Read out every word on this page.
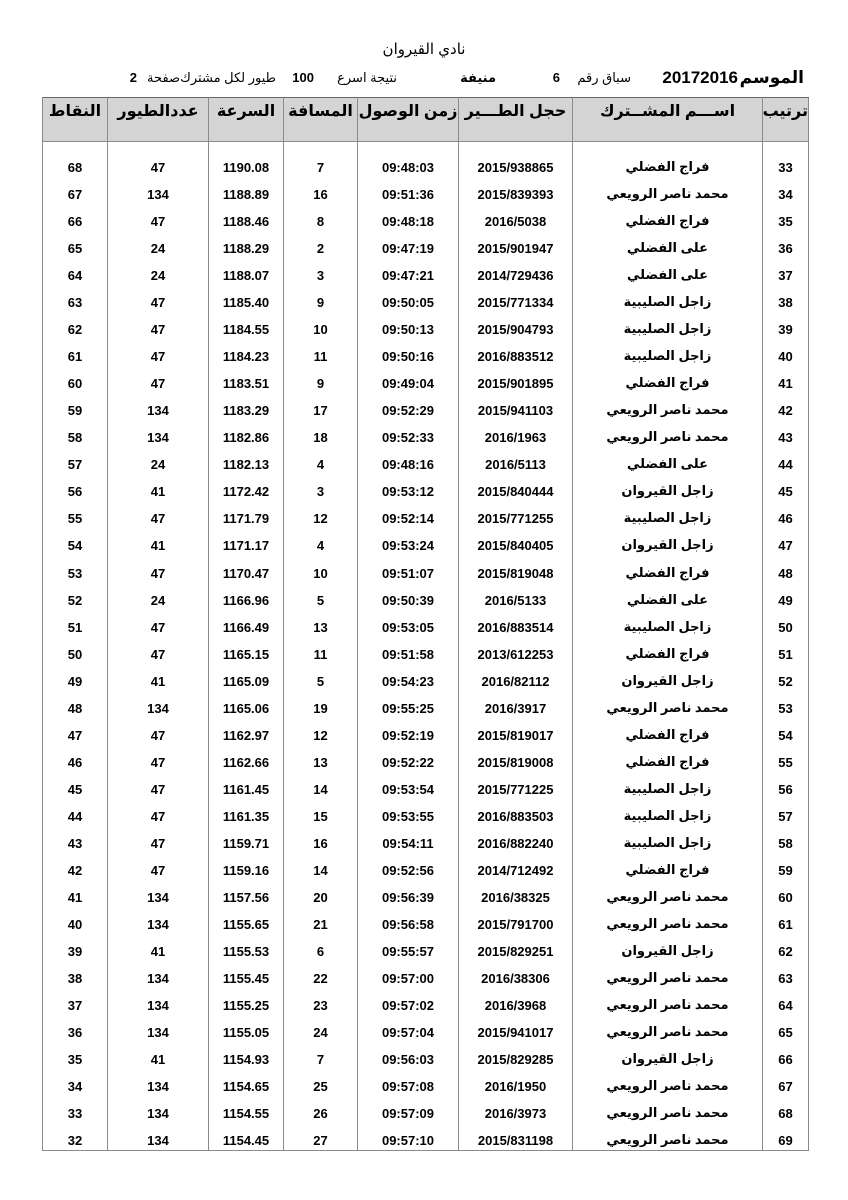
نادي القيروان
الموسم
20172016
سباق رقم
6
منيفة
نتيجة اسرع
100
طيور لكل مشترك
صفحة
2
ترتيب	اســـم المشــترك	حجل الطـــير	زمن الوصول	المسافة	السرعة	عددالطيور	النقاط

33	فراج الفضلي	2015/938865	09:48:03	7	1190.08	47	68
34	محمد ناصر الرويعي	2015/839393	09:51:36	16	1188.89	134	67
35	فراج الفضلي	2016/5038	09:48:18	8	1188.46	47	66
36	على الفضلي	2015/901947	09:47:19	2	1188.29	24	65
37	على الفضلي	2014/729436	09:47:21	3	1188.07	24	64
38	زاجل الصليبية	2015/771334	09:50:05	9	1185.40	47	63
39	زاجل الصليبية	2015/904793	09:50:13	10	1184.55	47	62
40	زاجل الصليبية	2016/883512	09:50:16	11	1184.23	47	61
41	فراج الفضلي	2015/901895	09:49:04	9	1183.51	47	60
42	محمد ناصر الرويعي	2015/941103	09:52:29	17	1183.29	134	59
43	محمد ناصر الرويعي	2016/1963	09:52:33	18	1182.86	134	58
44	على الفضلي	2016/5113	09:48:16	4	1182.13	24	57
45	زاجل القيروان	2015/840444	09:53:12	3	1172.42	41	56
46	زاجل الصليبية	2015/771255	09:52:14	12	1171.79	47	55
47	زاجل القيروان	2015/840405	09:53:24	4	1171.17	41	54
48	فراج الفضلي	2015/819048	09:51:07	10	1170.47	47	53
49	على الفضلي	2016/5133	09:50:39	5	1166.96	24	52
50	زاجل الصليبية	2016/883514	09:53:05	13	1166.49	47	51
51	فراج الفضلي	2013/612253	09:51:58	11	1165.15	47	50
52	زاجل القيروان	2016/82112	09:54:23	5	1165.09	41	49
53	محمد ناصر الرويعي	2016/3917	09:55:25	19	1165.06	134	48
54	فراج الفضلي	2015/819017	09:52:19	12	1162.97	47	47
55	فراج الفضلي	2015/819008	09:52:22	13	1162.66	47	46
56	زاجل الصليبية	2015/771225	09:53:54	14	1161.45	47	45
57	زاجل الصليبية	2016/883503	09:53:55	15	1161.35	47	44
58	زاجل الصليبية	2016/882240	09:54:11	16	1159.71	47	43
59	فراج الفضلي	2014/712492	09:52:56	14	1159.16	47	42
60	محمد ناصر الرويعي	2016/38325	09:56:39	20	1157.56	134	41
61	محمد ناصر الرويعي	2015/791700	09:56:58	21	1155.65	134	40
62	زاجل القيروان	2015/829251	09:55:57	6	1155.53	41	39
63	محمد ناصر الرويعي	2016/38306	09:57:00	22	1155.45	134	38
64	محمد ناصر الرويعي	2016/3968	09:57:02	23	1155.25	134	37
65	محمد ناصر الرويعي	2015/941017	09:57:04	24	1155.05	134	36
66	زاجل القيروان	2015/829285	09:56:03	7	1154.93	41	35
67	محمد ناصر الرويعي	2016/1950	09:57:08	25	1154.65	134	34
68	محمد ناصر الرويعي	2016/3973	09:57:09	26	1154.55	134	33
69	محمد ناصر الرويعي	2015/831198	09:57:10	27	1154.45	134	32
